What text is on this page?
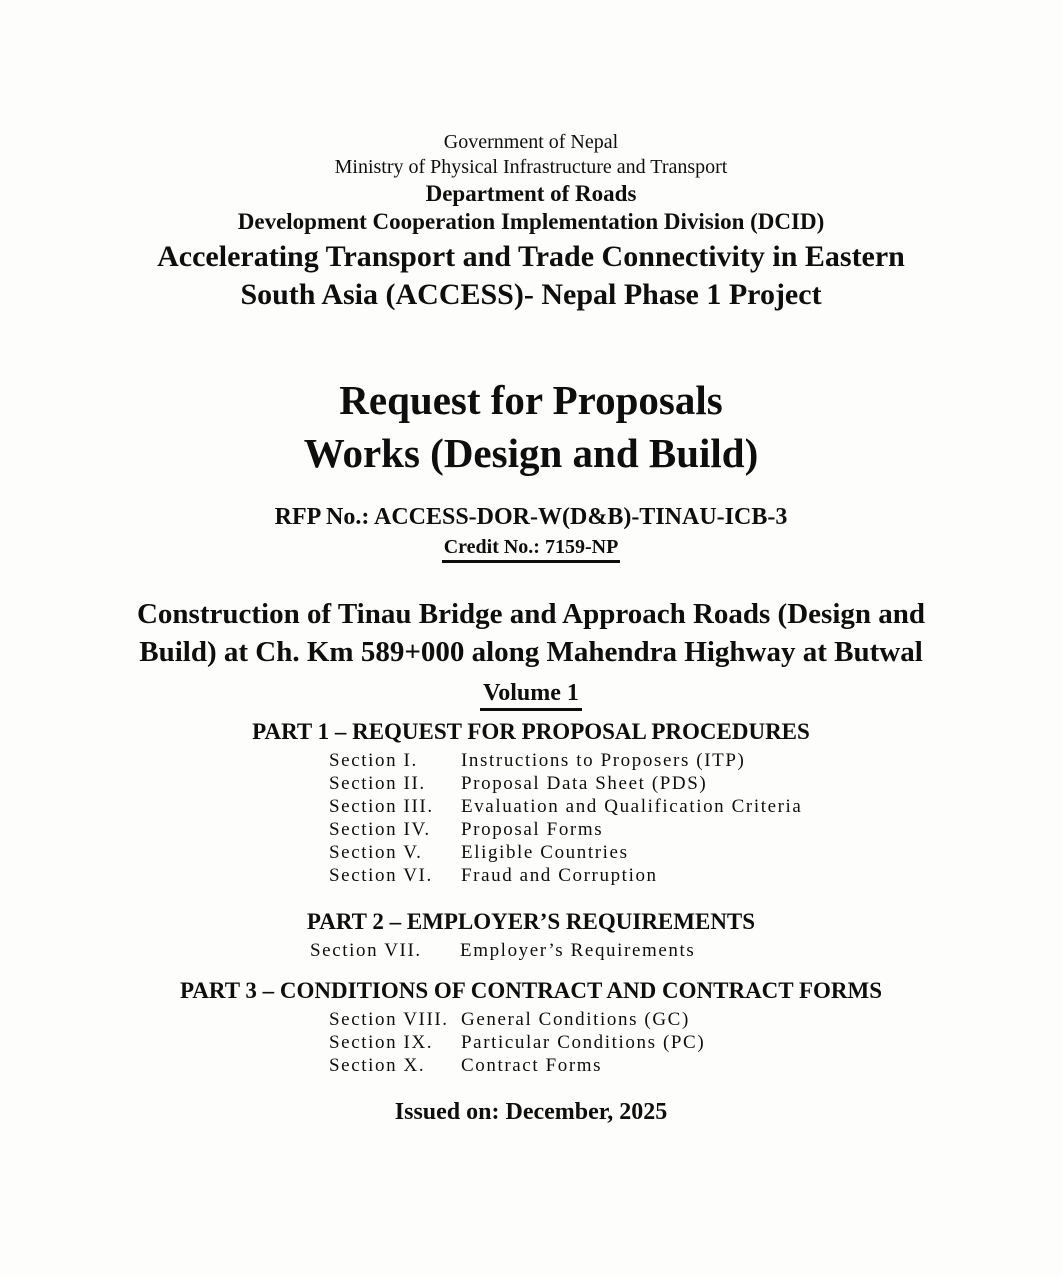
Government of Nepal
Ministry of Physical Infrastructure and Transport
Department of Roads
Development Cooperation Implementation Division (DCID)
Accelerating Transport and Trade Connectivity in Eastern South Asia (ACCESS)- Nepal Phase 1 Project
Request for Proposals
Works (Design and Build)
RFP No.: ACCESS-DOR-W(D&B)-TINAU-ICB-3
Credit No.: 7159-NP
Construction of Tinau Bridge and Approach Roads (Design and Build) at Ch. Km 589+000 along Mahendra Highway at Butwal
Volume 1
PART 1 – REQUEST FOR PROPOSAL PROCEDURES
Section I.	Instructions to Proposers (ITP)
Section II.	Proposal Data Sheet (PDS)
Section III.	Evaluation and Qualification Criteria
Section IV.	Proposal Forms
Section V.	Eligible Countries
Section VI.	Fraud and Corruption
PART 2 – EMPLOYER’S REQUIREMENTS
Section VII.	Employer’s Requirements
PART 3 – CONDITIONS OF CONTRACT AND CONTRACT FORMS
Section VIII. General Conditions (GC)
Section IX.	Particular Conditions (PC)
Section X.	Contract Forms
Issued on: December, 2025
